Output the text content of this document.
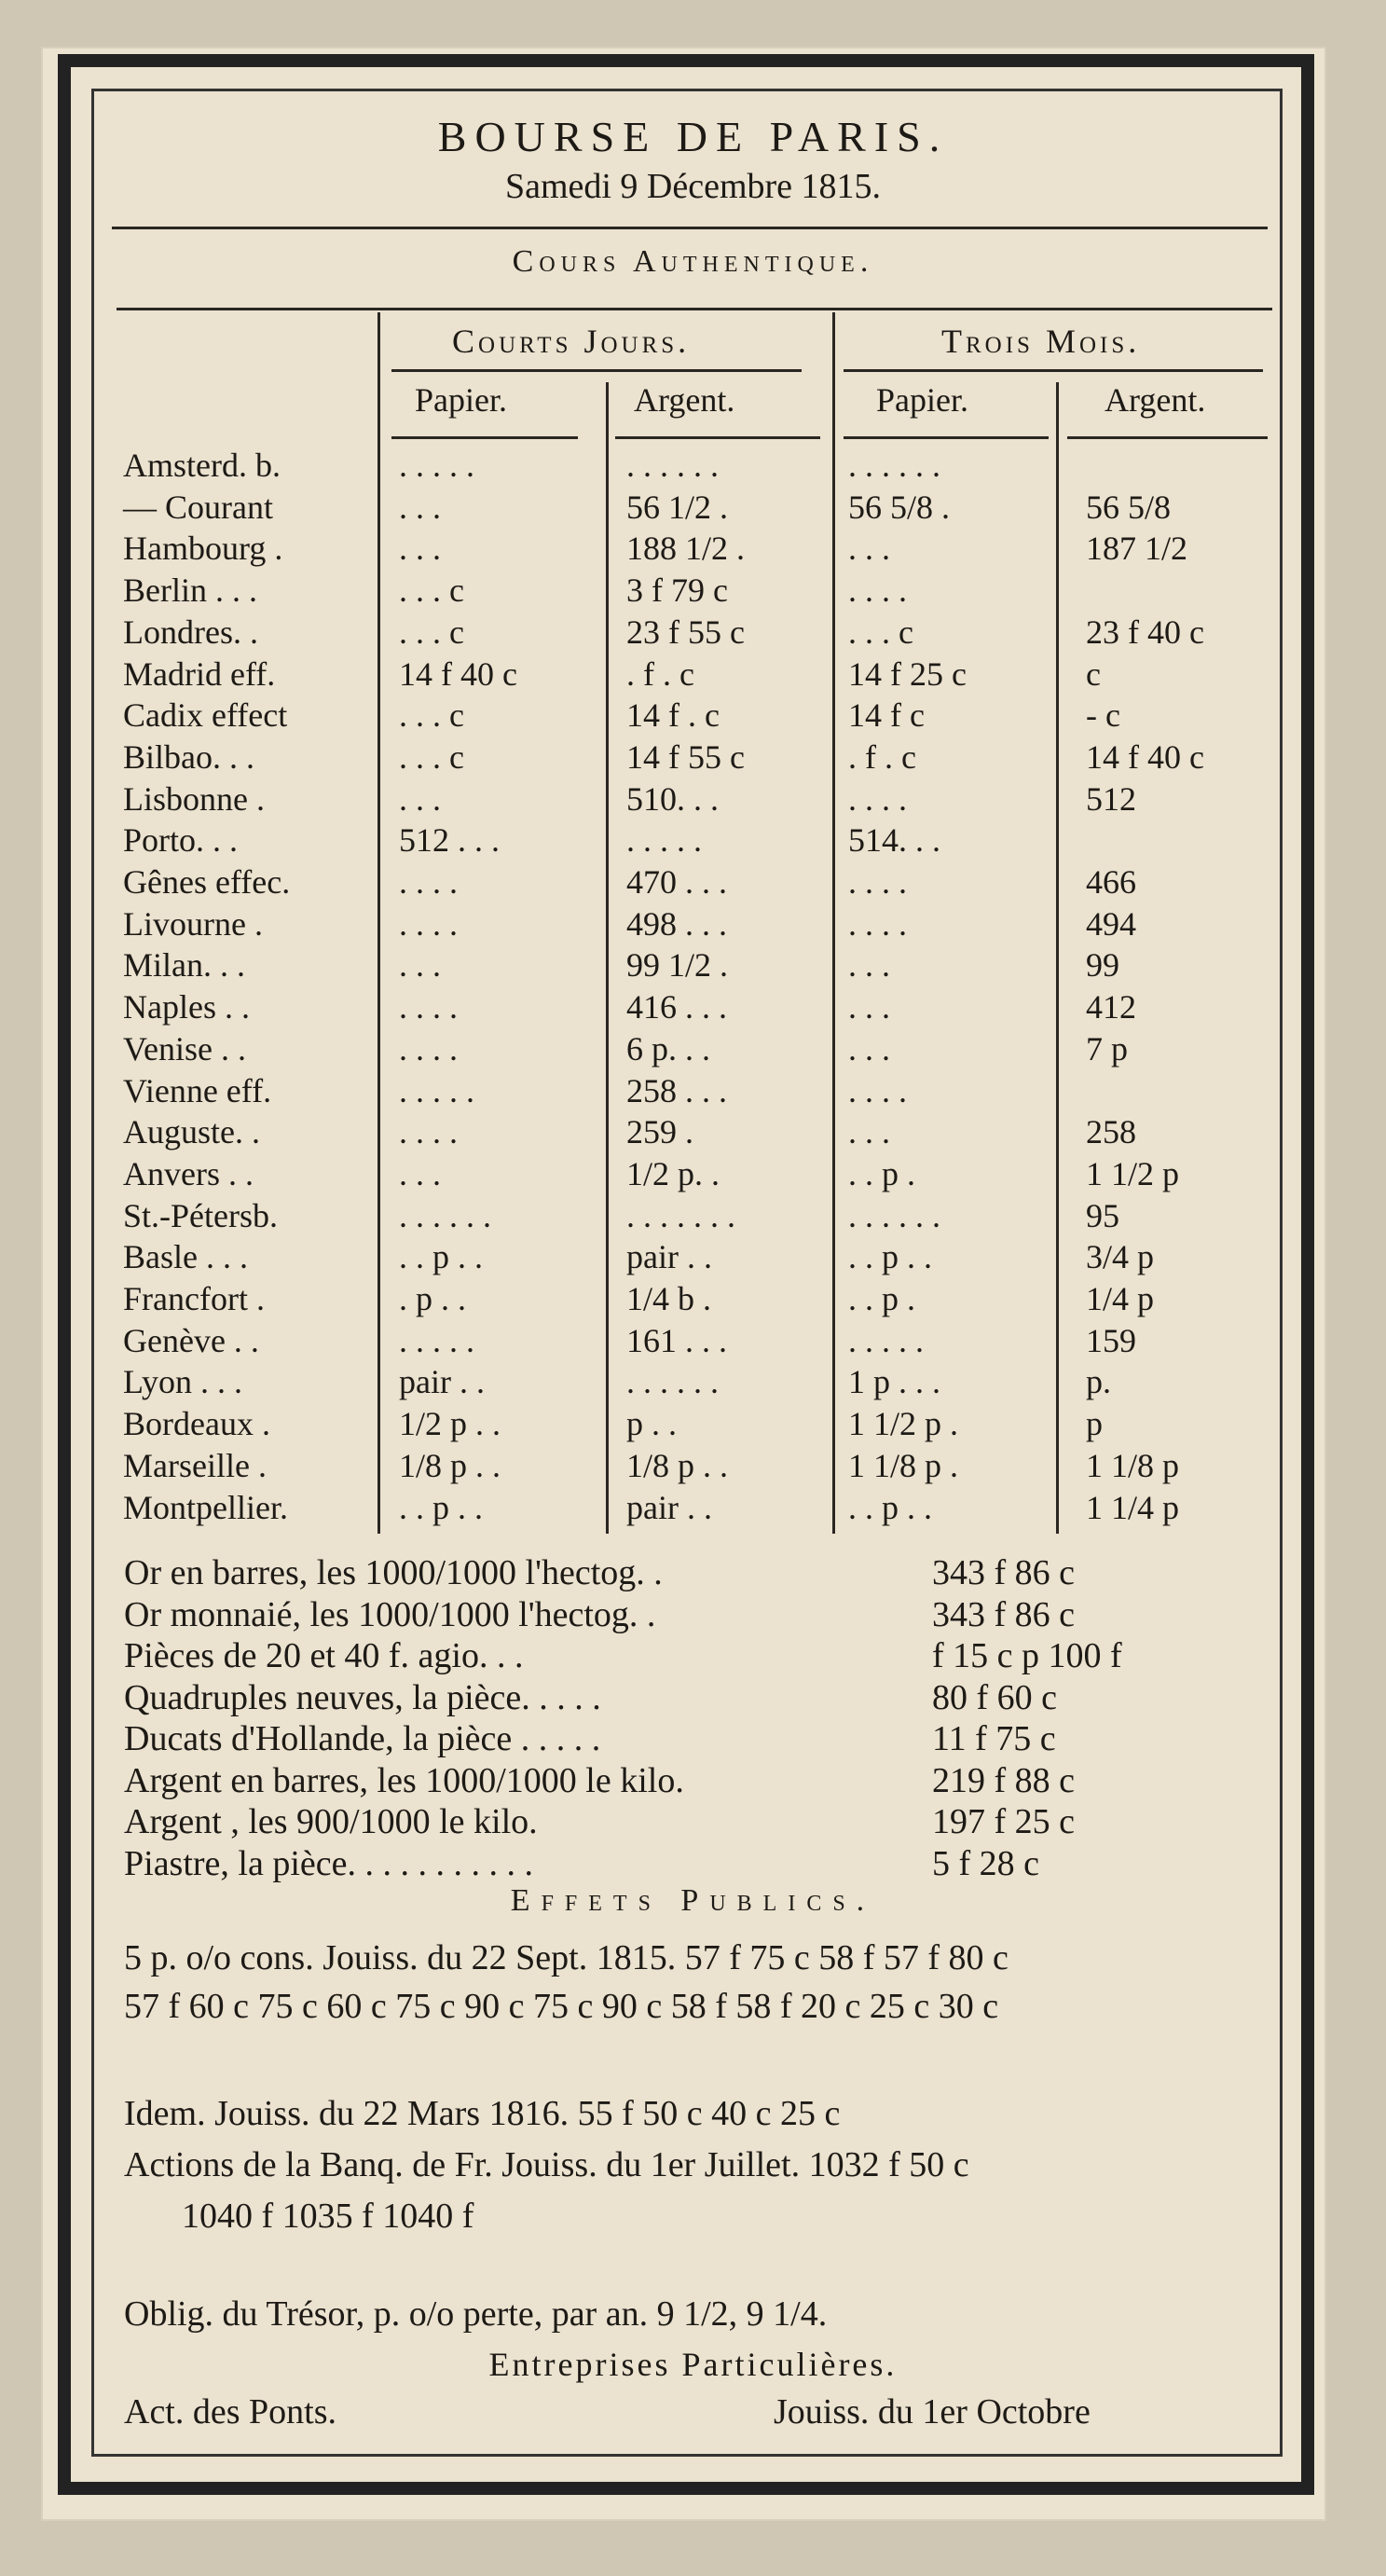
BOURSE DE PARIS.
Samedi 9 Décembre 1815.
Cours Authentique.
Courts Jours.	Trois Mois.
Papier.	Argent.	Papier.	Argent.
Amsterd. b.	. . . . .	. . . . . .	. . . . . .
— Courant	. . .	56 1/2 .	56 5/8 .	56 5/8
Hambourg .	. . .	188 1/2 .	. . .	187 1/2
Berlin . . .	. . . c	3 f 79 c	. . . .
Londres. .	. . . c	23 f 55 c	. . . c	23 f 40 c
Madrid eff.	14 f 40 c	. f . c	14 f 25 c	c
Cadix effect	. . . c	14 f . c	14 f c	- c
Bilbao. . .	. . . c	14 f 55 c	. f . c	14 f 40 c
Lisbonne .	. . .	510. . .	. . . .	512
Porto. . .	512 . . .	. . . . .	514. . .
Gênes effec.	. . . .	470 . . .	. . . .	466
Livourne .	. . . .	498 . . .	. . . .	494
Milan. . .	. . .	99 1/2 .	. . .	99
Naples . .	. . . .	416 . . .	. . .	412
Venise . .	. . . .	6 p. . .	. . .	7 p
Vienne eff.	. . . . .	258 . . .	. . . .
Auguste. .	. . . .	259 .	. . .	258
Anvers . .	. . .	1/2 p. .	. . p .	1 1/2 p
St.-Pétersb.	. . . . . .	. . . . . . .	. . . . . .	95
Basle . . .	. . p . .	pair . .	. . p . .	3/4 p
Francfort .	. p . .	1/4 b .	. . p .	1/4 p
Genève . .	. . . . .	161 . . .	. . . . .	159
Lyon . . .	pair . .	. . . . . .	1 p . . .	p.
Bordeaux .	1/2 p . .	p . .	1 1/2 p .	p
Marseille .	1/8 p . .	1/8 p . .	1 1/8 p .	1 1/8 p
Montpellier.	. . p . .	pair . .	. . p . .	1 1/4 p
Or en barres, les 1000/1000 l'hectog. .	343 f 86 c
Or monnaié, les 1000/1000 l'hectog. .	343 f 86 c
Pièces de 20 et 40 f. agio. . .	f 15 c p 100 f
Quadruples neuves, la pièce. . . . .	80 f 60 c
Ducats d'Hollande, la pièce . . . . .	11 f 75 c
Argent en barres, les 1000/1000 le kilo.	219 f 88 c
Argent , les 900/1000 le kilo.	197 f 25 c
Piastre, la pièce. . . . . . . . . . .	5 f 28 c
Effets Publics.
5 p. o/o cons. Jouiss. du 22 Sept. 1815. 57 f 75 c 58 f 57 f 80 c
57 f 60 c 75 c 60 c 75 c 90 c 75 c 90 c 58 f 58 f 20 c 25 c 30 c
Idem. Jouiss. du 22 Mars 1816. 55 f 50 c 40 c 25 c
Actions de la Banq. de Fr. Jouiss. du 1er Juillet. 1032 f 50 c
1040 f 1035 f 1040 f
Oblig. du Trésor, p. o/o perte, par an. 9 1/2, 9 1/4.
Entreprises Particulières.
Act. des Ponts.	Jouiss. du 1er Octobre
